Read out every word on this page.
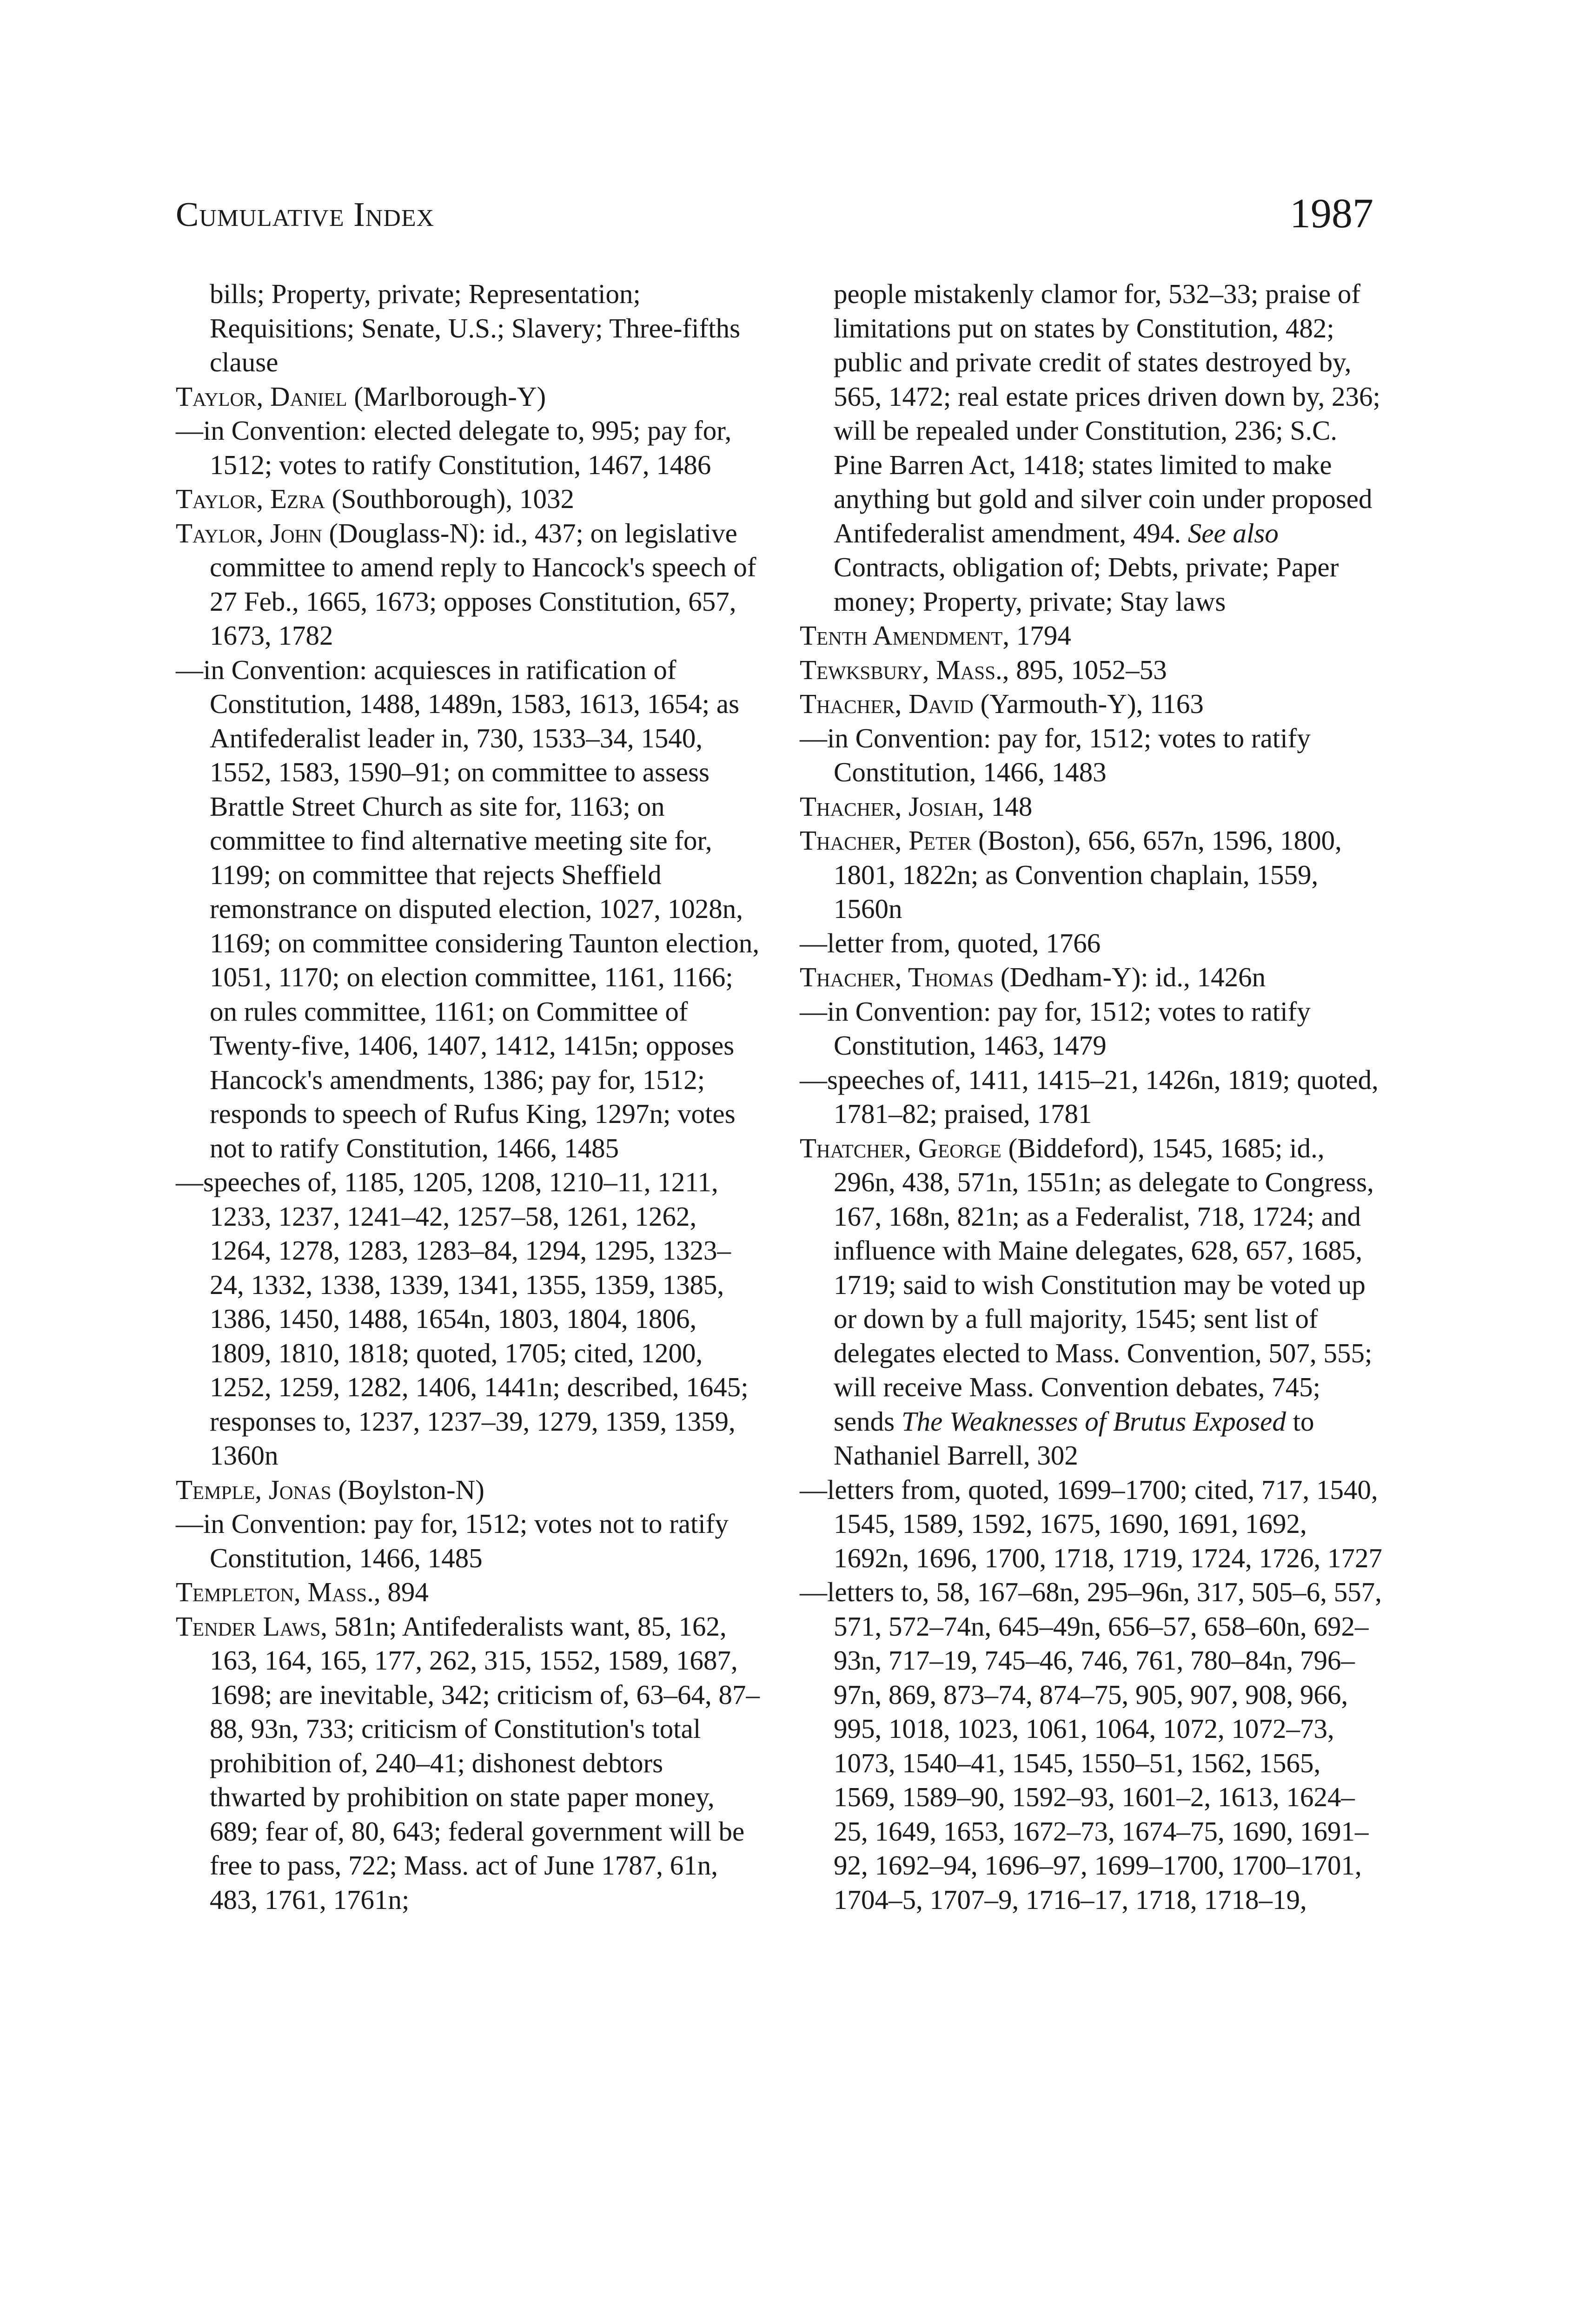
Cumulative Index	1987

bills; Property, private; Representation; Requisitions; Senate, U.S.; Slavery; Three-fifths clause

Taylor, Daniel (Marlborough-Y)

—in Convention: elected delegate to, 995; pay for, 1512; votes to ratify Constitution, 1467, 1486

Taylor, Ezra (Southborough), 1032

Taylor, John (Douglass-N): id., 437; on legislative committee to amend reply to Hancock's speech of 27 Feb., 1665, 1673; opposes Constitution, 657, 1673, 1782

—in Convention: acquiesces in ratification of Constitution, 1488, 1489n, 1583, 1613, 1654; as Antifederalist leader in, 730, 1533–34, 1540, 1552, 1583, 1590–91; on committee to assess Brattle Street Church as site for, 1163; on committee to find alternative meeting site for, 1199; on committee that rejects Sheffield remonstrance on disputed election, 1027, 1028n, 1169; on committee considering Taunton election, 1051, 1170; on election committee, 1161, 1166; on rules committee, 1161; on Committee of Twenty-five, 1406, 1407, 1412, 1415n; opposes Hancock's amendments, 1386; pay for, 1512; responds to speech of Rufus King, 1297n; votes not to ratify Constitution, 1466, 1485

—speeches of, 1185, 1205, 1208, 1210–11, 1211, 1233, 1237, 1241–42, 1257–58, 1261, 1262, 1264, 1278, 1283, 1283–84, 1294, 1295, 1323–24, 1332, 1338, 1339, 1341, 1355, 1359, 1385, 1386, 1450, 1488, 1654n, 1803, 1804, 1806, 1809, 1810, 1818; quoted, 1705; cited, 1200, 1252, 1259, 1282, 1406, 1441n; described, 1645; responses to, 1237, 1237–39, 1279, 1359, 1359, 1360n

Temple, Jonas (Boylston-N)

—in Convention: pay for, 1512; votes not to ratify Constitution, 1466, 1485

Templeton, Mass., 894

Tender Laws, 581n; Antifederalists want, 85, 162, 163, 164, 165, 177, 262, 315, 1552, 1589, 1687, 1698; are inevitable, 342; criticism of, 63–64, 87–88, 93n, 733; criticism of Constitution's total prohibition of, 240–41; dishonest debtors thwarted by prohibition on state paper money, 689; fear of, 80, 643; federal government will be free to pass, 722; Mass. act of June 1787, 61n, 483, 1761, 1761n;

people mistakenly clamor for, 532–33; praise of limitations put on states by Constitution, 482; public and private credit of states destroyed by, 565, 1472; real estate prices driven down by, 236; will be repealed under Constitution, 236; S.C. Pine Barren Act, 1418; states limited to make anything but gold and silver coin under proposed Antifederalist amendment, 494. See also Contracts, obligation of; Debts, private; Paper money; Property, private; Stay laws

Tenth Amendment, 1794

Tewksbury, Mass., 895, 1052–53

Thacher, David (Yarmouth-Y), 1163

—in Convention: pay for, 1512; votes to ratify Constitution, 1466, 1483

Thacher, Josiah, 148

Thacher, Peter (Boston), 656, 657n, 1596, 1800, 1801, 1822n; as Convention chaplain, 1559, 1560n

—letter from, quoted, 1766

Thacher, Thomas (Dedham-Y): id., 1426n

—in Convention: pay for, 1512; votes to ratify Constitution, 1463, 1479

—speeches of, 1411, 1415–21, 1426n, 1819; quoted, 1781–82; praised, 1781

Thatcher, George (Biddeford), 1545, 1685; id., 296n, 438, 571n, 1551n; as delegate to Congress, 167, 168n, 821n; as a Federalist, 718, 1724; and influence with Maine delegates, 628, 657, 1685, 1719; said to wish Constitution may be voted up or down by a full majority, 1545; sent list of delegates elected to Mass. Convention, 507, 555; will receive Mass. Convention debates, 745; sends The Weaknesses of Brutus Exposed to Nathaniel Barrell, 302

—letters from, quoted, 1699–1700; cited, 717, 1540, 1545, 1589, 1592, 1675, 1690, 1691, 1692, 1692n, 1696, 1700, 1718, 1719, 1724, 1726, 1727

—letters to, 58, 167–68n, 295–96n, 317, 505–6, 557, 571, 572–74n, 645–49n, 656–57, 658–60n, 692–93n, 717–19, 745–46, 746, 761, 780–84n, 796–97n, 869, 873–74, 874–75, 905, 907, 908, 966, 995, 1018, 1023, 1061, 1064, 1072, 1072–73, 1073, 1540–41, 1545, 1550–51, 1562, 1565, 1569, 1589–90, 1592–93, 1601–2, 1613, 1624–25, 1649, 1653, 1672–73, 1674–75, 1690, 1691–92, 1692–94, 1696–97, 1699–1700, 1700–1701, 1704–5, 1707–9, 1716–17, 1718, 1718–19,
